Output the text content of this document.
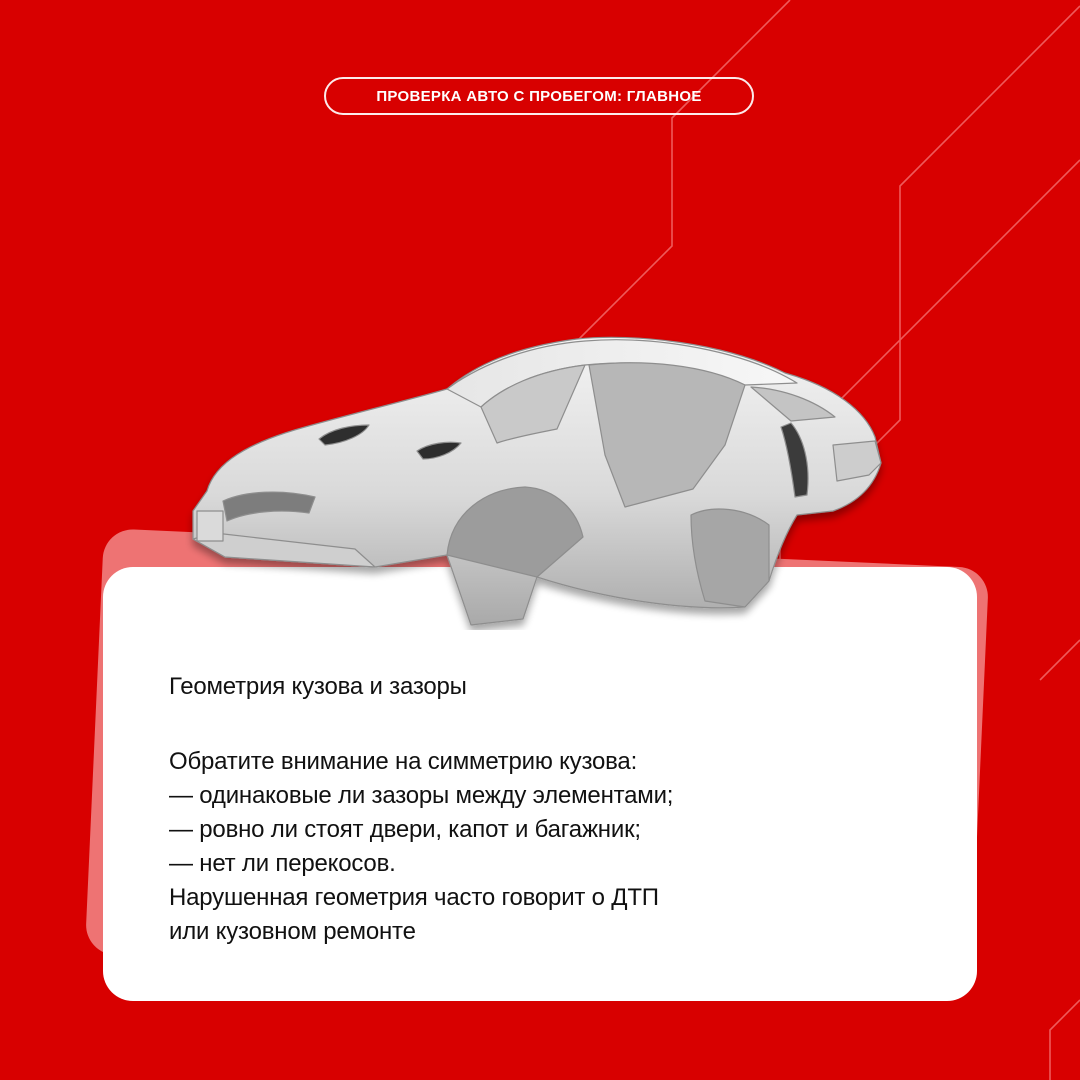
ПРОВЕРКА АВТО С ПРОБЕГОМ: ГЛАВНОЕ
Геометрия кузова и зазоры
Обратите внимание на симметрию кузова:
— одинаковые ли зазоры между элементами;
— ровно ли стоят двери, капот и багажник;
— нет ли перекосов.
Нарушенная геометрия часто говорит о ДТП
или кузовном ремонте
